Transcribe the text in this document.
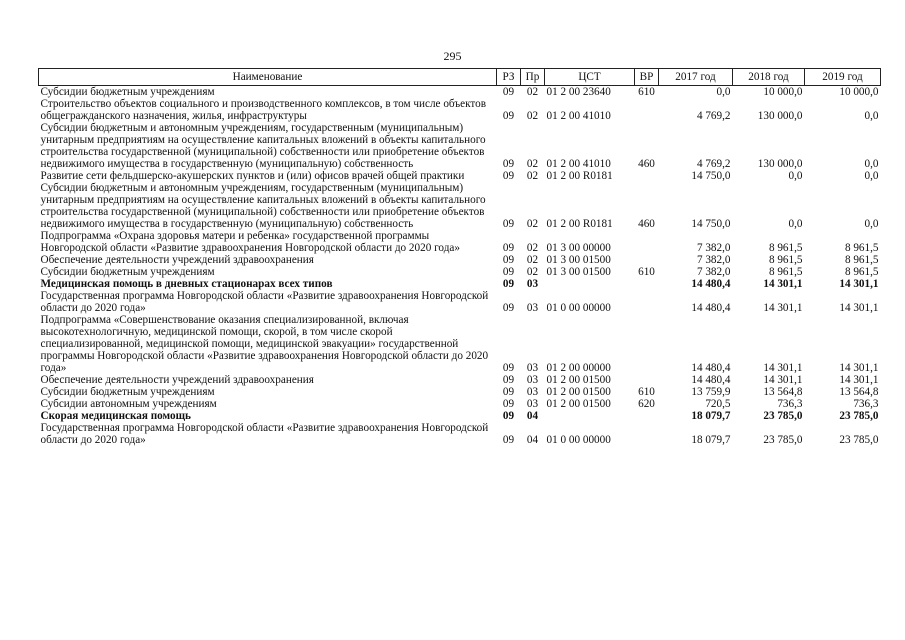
295
Наименование	РЗ	Пр	ЦСТ	ВР	2017 год	2018 год	2019 год
Субсидии бюджетным учреждениям	09	02	01 2 00 23640	610	0,0	10 000,0	10 000,0
Строительство объектов социального и производственного комплексов, в том числе объектов общегражданского назначения, жилья, инфраструктуры	09	02	01 2 00 41010		4 769,2	130 000,0	0,0
Субсидии бюджетным и автономным учреждениям, государственным (муниципальным) унитарным предприятиям на осуществление капитальных вложений в объекты капитального строительства государственной (муниципальной) собственности или приобретение объектов недвижимого имущества в государственную (муниципальную) собственность	09	02	01 2 00 41010	460	4 769,2	130 000,0	0,0
Развитие сети фельдшерско-акушерских пунктов и (или) офисов врачей общей практики	09	02	01 2 00 R0181		14 750,0	0,0	0,0
Субсидии бюджетным и автономным учреждениям, государственным (муниципальным) унитарным предприятиям на осуществление капитальных вложений в объекты капитального строительства государственной (муниципальной) собственности или приобретение объектов недвижимого имущества в государственную (муниципальную) собственность	09	02	01 2 00 R0181	460	14 750,0	0,0	0,0
Подпрограмма «Охрана здоровья матери и ребенка» государственной программы Новгородской области «Развитие здравоохранения Новгородской области до 2020 года»	09	02	01 3 00 00000		7 382,0	8 961,5	8 961,5
Обеспечение деятельности учреждений здравоохранения	09	02	01 3 00 01500		7 382,0	8 961,5	8 961,5
Субсидии бюджетным учреждениям	09	02	01 3 00 01500	610	7 382,0	8 961,5	8 961,5
Медицинская помощь в дневных стационарах всех типов	09	03			14 480,4	14 301,1	14 301,1
Государственная программа Новгородской области «Развитие здравоохранения Новгородской области до 2020 года»	09	03	01 0 00 00000		14 480,4	14 301,1	14 301,1
Подпрограмма «Совершенствование оказания специализированной, включая высокотехнологичную, медицинской помощи, скорой, в том числе скорой специализированной, медицинской помощи, медицинской эвакуации» государственной программы Новгородской области «Развитие здравоохранения Новгородской области до 2020 года»	09	03	01 2 00 00000		14 480,4	14 301,1	14 301,1
Обеспечение деятельности учреждений здравоохранения	09	03	01 2 00 01500		14 480,4	14 301,1	14 301,1
Субсидии бюджетным учреждениям	09	03	01 2 00 01500	610	13 759,9	13 564,8	13 564,8
Субсидии автономным учреждениям	09	03	01 2 00 01500	620	720,5	736,3	736,3
Скорая медицинская помощь	09	04			18 079,7	23 785,0	23 785,0
Государственная программа Новгородской области «Развитие здравоохранения Новгородской области до 2020 года»	09	04	01 0 00 00000		18 079,7	23 785,0	23 785,0
